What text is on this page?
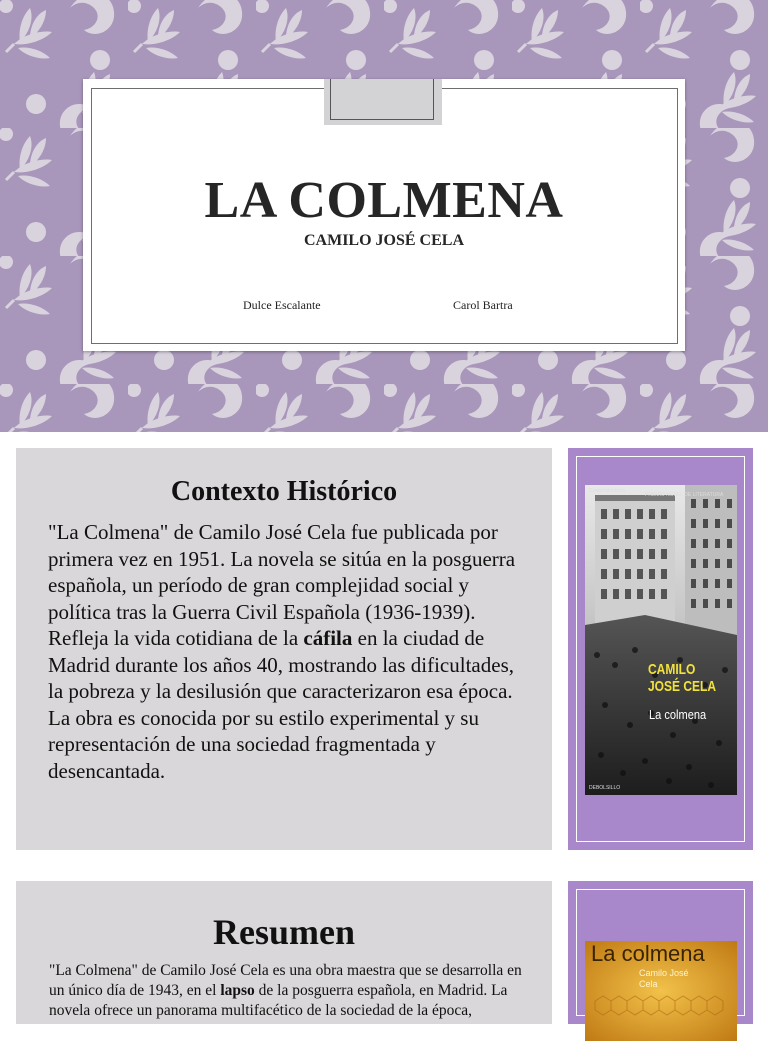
LA COLMENA
CAMILO JOSÉ CELA
Dulce Escalante	Carol Bartra
Contexto Histórico

"La Colmena" de Camilo José Cela fue publicada por primera vez en 1951. La novela se sitúa en la posguerra española, un período de gran complejidad social y política tras la Guerra Civil Española (1936-1939). Refleja la vida cotidiana de la cáfila en la ciudad de Madrid durante los años 40, mostrando las dificultades, la pobreza y la desilusión que caracterizaron esa época. La obra es conocida por su estilo experimental y su representación de una sociedad fragmentada y desencantada.

Contemporánea
PREMIO NOBEL DE LITERATURA
CAMILO
JOSÉ CELA
La colmena
DEBOLSILLO
Resumen

"La Colmena" de Camilo José Cela es una obra maestra que se desarrolla en un único día de 1943, en el lapso de la posguerra española, en Madrid. La novela ofrece un panorama multifacético de la sociedad de la época,

La colmena
Camilo José
Cela
